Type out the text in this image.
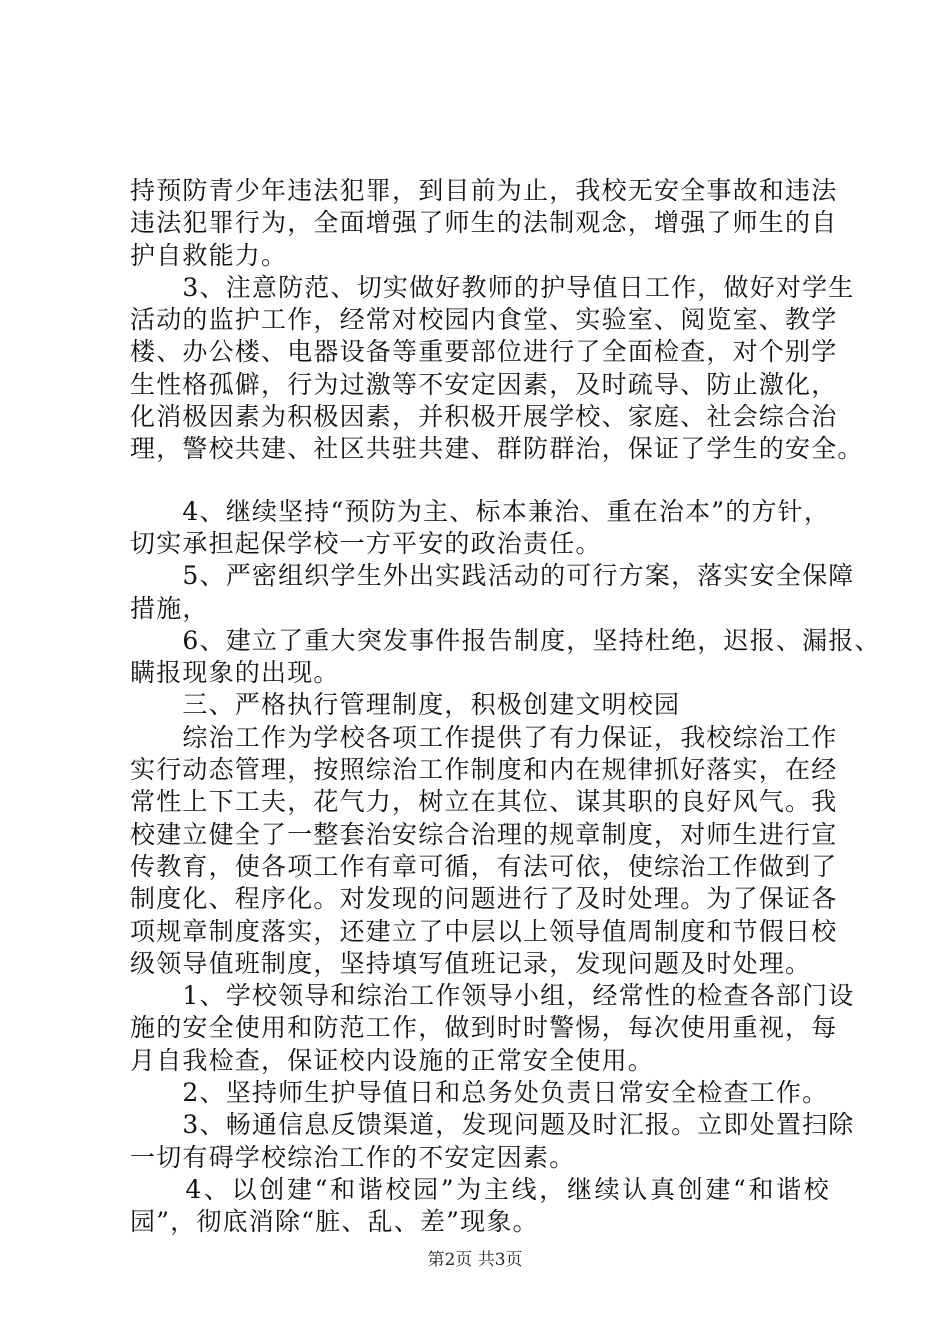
持预防青少年违法犯罪，到目前为止，我校无安全事故和违法
违法犯罪行为，全面增强了师生的法制观念，增强了师生的自
护自救能力。
　　3、注意防范、切实做好教师的护导值日工作，做好对学生
活动的监护工作，经常对校园内食堂、实验室、阅览室、教学
楼、办公楼、电器设备等重要部位进行了全面检查，对个别学
生性格孤僻，行为过激等不安定因素，及时疏导、防止激化，
化消极因素为积极因素，并积极开展学校、家庭、社会综合治
理，警校共建、社区共驻共建、群防群治，保证了学生的安全。
　　4、继续坚持“预防为主、标本兼治、重在治本”的方针，
切实承担起保学校一方平安的政治责任。
　　5、严密组织学生外出实践活动的可行方案，落实安全保障
措施，
　　6、建立了重大突发事件报告制度，坚持杜绝，迟报、漏报、
瞒报现象的出现。
　　三、严格执行管理制度，积极创建文明校园
　　综治工作为学校各项工作提供了有力保证，我校综治工作
实行动态管理，按照综治工作制度和内在规律抓好落实，在经
常性上下工夫，花气力，树立在其位、谋其职的良好风气。我
校建立健全了一整套治安综合治理的规章制度，对师生进行宣
传教育，使各项工作有章可循，有法可依，使综治工作做到了
制度化、程序化。对发现的问题进行了及时处理。为了保证各
项规章制度落实，还建立了中层以上领导值周制度和节假日校
级领导值班制度，坚持填写值班记录，发现问题及时处理。
　　1、学校领导和综治工作领导小组，经常性的检查各部门设
施的安全使用和防范工作，做到时时警惕，每次使用重视，每
月自我检查，保证校内设施的正常安全使用。
　　2、坚持师生护导值日和总务处负责日常安全检查工作。
　　3、畅通信息反馈渠道，发现问题及时汇报。立即处置扫除
一切有碍学校综治工作的不安定因素。
　　4、以创建“和谐校园”为主线，继续认真创建“和谐校
园”，彻底消除“脏、乱、差”现象。
第2页 共3页
